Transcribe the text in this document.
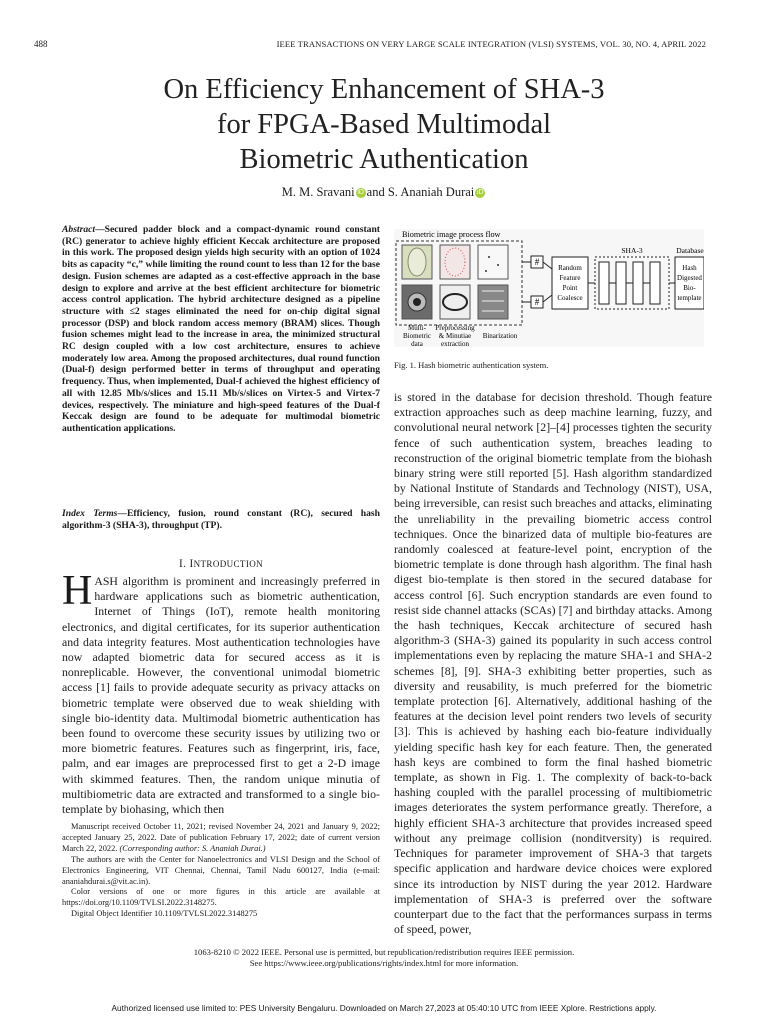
488	IEEE TRANSACTIONS ON VERY LARGE SCALE INTEGRATION (VLSI) SYSTEMS, VOL. 30, NO. 4, APRIL 2022
On Efficiency Enhancement of SHA-3
for FPGA-Based Multimodal
Biometric Authentication
M. M. Sravani iD and S. Ananiah Durai iD
Abstract—Secured padder block and a compact-dynamic round constant (RC) generator to achieve highly efficient Keccak architecture are proposed in this work. The proposed design yields high security with an option of 1024 bits as capacity “c,” while limiting the round count to less than 12 for the base design. Fusion schemes are adapted as a cost-effective approach in the base design to explore and arrive at the best efficient architecture for biometric access control application. The hybrid architecture designed as a pipeline structure with ≤2 stages eliminated the need for on-chip digital signal processor (DSP) and block random access memory (BRAM) slices. Though fusion schemes might lead to the increase in area, the minimized structural RC design coupled with a low cost architecture, ensures to achieve moderately low area. Among the proposed architectures, dual round function (Dual-f) design performed better in terms of throughput and operating frequency. Thus, when implemented, Dual-f achieved the highest efficiency of all with 12.85 Mb/s/slices and 15.11 Mb/s/slices on Virtex-5 and Virtex-7 devices, respectively. The miniature and high-speed features of the Dual-f Keccak design are found to be adequate for multimodal biometric authentication applications.
Index Terms—Efficiency, fusion, round constant (RC), secured hash algorithm-3 (SHA-3), throughput (TP).
I. INTRODUCTION
HASH algorithm is prominent and increasingly preferred in hardware applications such as biometric authentication, Internet of Things (IoT), remote health monitoring electronics, and digital certificates, for its superior authentication and data integrity features. Most authentication technologies have now adapted biometric data for secured access as it is nonreplicable. However, the conventional unimodal biometric access [1] fails to provide adequate security as privacy attacks on biometric template were observed due to weak shielding with single bio-identity data. Multimodal biometric authentication has been found to overcome these security issues by utilizing two or more biometric features. Features such as fingerprint, iris, face, palm, and ear images are preprocessed first to get a 2-D image with skimmed features. Then, the random unique minutia of multibiometric data are extracted and transformed to a single bio-template by biohasing, which then

Manuscript received October 11, 2021; revised November 24, 2021 and January 9, 2022; accepted January 25, 2022. Date of publication February 17, 2022; date of current version March 22, 2022. (Corresponding author: S. Ananiah Durai.)

The authors are with the Center for Nanoelectronics and VLSI Design and the School of Electronics Engineering, VIT Chennai, Chennai, Tamil Nadu 600127, India (e-mail: ananiahdurai.s@vit.ac.in).

Color versions of one or more figures in this article are available at https://doi.org/10.1109/TVLSI.2022.3148275.

Digital Object Identifier 10.1109/TVLSI.2022.3148275

Biometric image process flow
#
#
Random
Feature
Point
Coalesce
SHA-3	Database
Hash
Digested
Bio-
template
Multi-
Biometric
data
Preprocessing
& Minutiae
extraction
Binarization
Fig. 1. Hash biometric authentication system.
is stored in the database for decision threshold. Though feature extraction approaches such as deep machine learning, fuzzy, and convolutional neural network [2]–[4] processes tighten the security fence of such authentication system, breaches leading to reconstruction of the original biometric template from the biohash binary string were still reported [5]. Hash algorithm standardized by National Institute of Standards and Technology (NIST), USA, being irreversible, can resist such breaches and attacks, eliminating the unreliability in the prevailing biometric access control techniques. Once the binarized data of multiple bio-features are randomly coalesced at feature-level point, encryption of the biometric template is done through hash algorithm. The final hash digest bio-template is then stored in the secured database for access control [6]. Such encryption standards are even found to resist side channel attacks (SCAs) [7] and birthday attacks. Among the hash techniques, Keccak architecture of secured hash algorithm-3 (SHA-3) gained its popularity in such access control implementations even by replacing the mature SHA-1 and SHA-2 schemes [8], [9]. SHA-3 exhibiting better properties, such as diversity and reusability, is much preferred for the biometric template protection [6]. Alternatively, additional hashing of the features at the decision level point renders two levels of security [3]. This is achieved by hashing each bio-feature individually yielding specific hash key for each feature. Then, the generated hash keys are combined to form the final hashed biometric template, as shown in Fig. 1. The complexity of back-to-back hashing coupled with the parallel processing of multibiometric images deteriorates the system performance greatly. Therefore, a highly efficient SHA-3 architecture that provides increased speed without any preimage collision (nonditversity) is required. Techniques for parameter improvement of SHA-3 that targets specific application and hardware device choices were explored since its introduction by NIST during the year 2012. Hardware implementation of SHA-3 is preferred over the software counterpart due to the fact that the performances surpass in terms of speed, power,
1063-8210 © 2022 IEEE. Personal use is permitted, but republication/redistribution requires IEEE permission.
See https://www.ieee.org/publications/rights/index.html for more information.
Authorized licensed use limited to: PES University Bengaluru. Downloaded on March 27,2023 at 05:40:10 UTC from IEEE Xplore. Restrictions apply.
